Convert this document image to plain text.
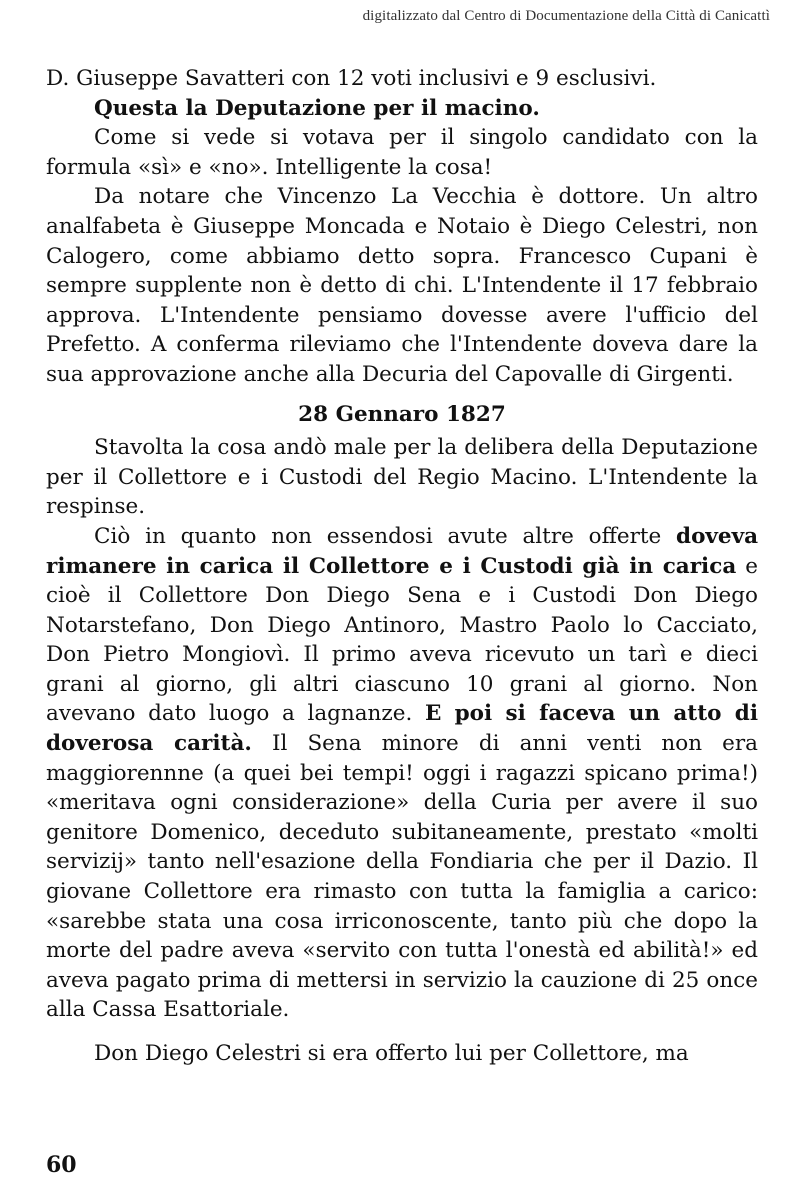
digitalizzato dal Centro di Documentazione della Città di Canicattì

D. Giuseppe Savatteri con 12 voti inclusivi e 9 esclusivi.

Questa la Deputazione per il macino.

Come si vede si votava per il singolo candidato con la formula «sì» e «no». Intelligente la cosa!

Da notare che Vincenzo La Vecchia è dottore. Un altro analfabeta è Giuseppe Moncada e Notaio è Diego Celestri, non Calogero, come abbiamo detto sopra. Francesco Cupani è sempre supplente non è detto di chi. L'Intendente il 17 febbraio approva. L'Intendente pensiamo dovesse avere l'ufficio del Prefetto. A conferma rileviamo che l'Intendente doveva dare la sua approvazione anche alla Decuria del Capovalle di Girgenti.

28 Gennaro 1827

Stavolta la cosa andò male per la delibera della Deputazione per il Collettore e i Custodi del Regio Macino. L'Intendente la respinse.

Ciò in quanto non essendosi avute altre offerte doveva rimanere in carica il Collettore e i Custodi già in carica e cioè il Collettore Don Diego Sena e i Custodi Don Diego Notarstefano, Don Diego Antinoro, Mastro Paolo lo Cacciato, Don Pietro Mongiovì. Il primo aveva ricevuto un tarì e dieci grani al giorno, gli altri ciascuno 10 grani al giorno. Non avevano dato luogo a lagnanze. E poi si faceva un atto di doverosa carità. Il Sena minore di anni venti non era maggiorennne (a quei bei tempi! oggi i ragazzi spicano prima!) «meritava ogni considerazione» della Curia per avere il suo genitore Domenico, deceduto subitaneamente, prestato «molti servizij» tanto nell'esazione della Fondiaria che per il Dazio. Il giovane Collettore era rimasto con tutta la famiglia a carico: «sarebbe stata una cosa irriconoscente, tanto più che dopo la morte del padre aveva «servito con tutta l'onestà ed abilità!» ed aveva pagato prima di mettersi in servizio la cauzione di 25 once alla Cassa Esattoriale.

Don Diego Celestri si era offerto lui per Collettore, ma

60
